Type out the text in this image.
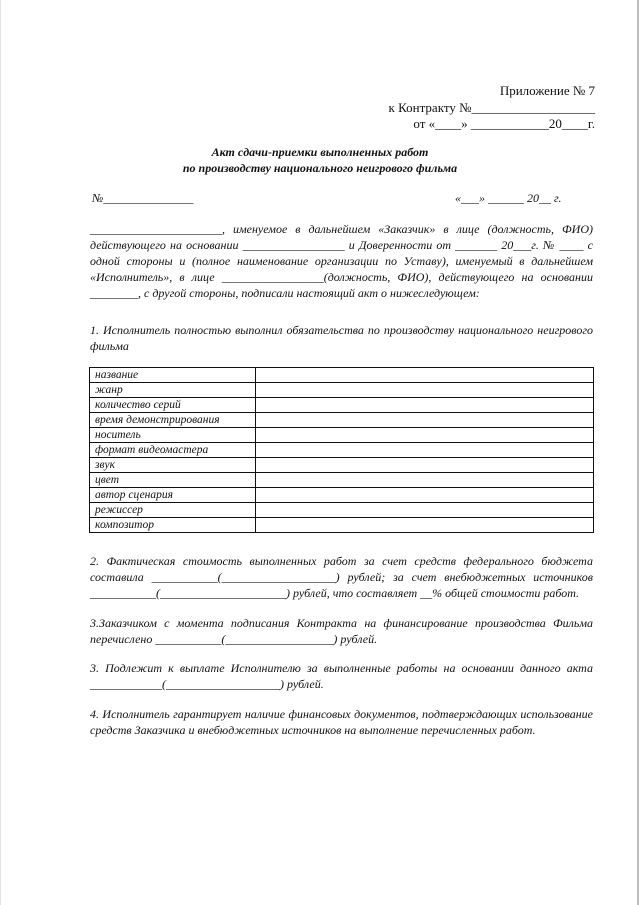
Приложение № 7
к Контракту №___________________
от «____» ____________20____г.
Акт сдачи-приемки выполненных работ
по производству национального неигрового фильма
№_______________	«___» ______ 20__ г.
______________________, именуемое в дальнейшем «Заказчик» в лице (должность, ФИО) действующего на основании _________________ и Доверенности от _______ 20___г. № ____ с одной стороны и (полное наименование организации по Уставу), именуемый в дальнейшем «Исполнитель», в лице _________________(должность, ФИО), действующего на основании ________, с другой стороны, подписали настоящий акт о нижеследующем:
1. Исполнитель полностью выполнил обязательства по производству национального неигрового фильма
название	
жанр	
количество серий	
время демонстрирования	
носитель	
формат видеомастера	
звук	
цвет	
автор сценария	
режиссер	
композитор	
2. Фактическая стоимость выполненных работ за счет средств федерального бюджета составила ___________(___________________) рублей; за счет внебюджетных источников ___________(_____________________) рублей, что составляет __% общей стоимости работ.
3.Заказчиком с момента подписания Контракта на финансирование производства Фильма перечислено ___________(__________________) рублей.
3. Подлежит к выплате Исполнителю за выполненные работы на основании данного акта ____________(___________________) рублей.
4. Исполнитель гарантирует наличие финансовых документов, подтверждающих использование средств Заказчика и внебюджетных источников на выполнение перечисленных работ.
